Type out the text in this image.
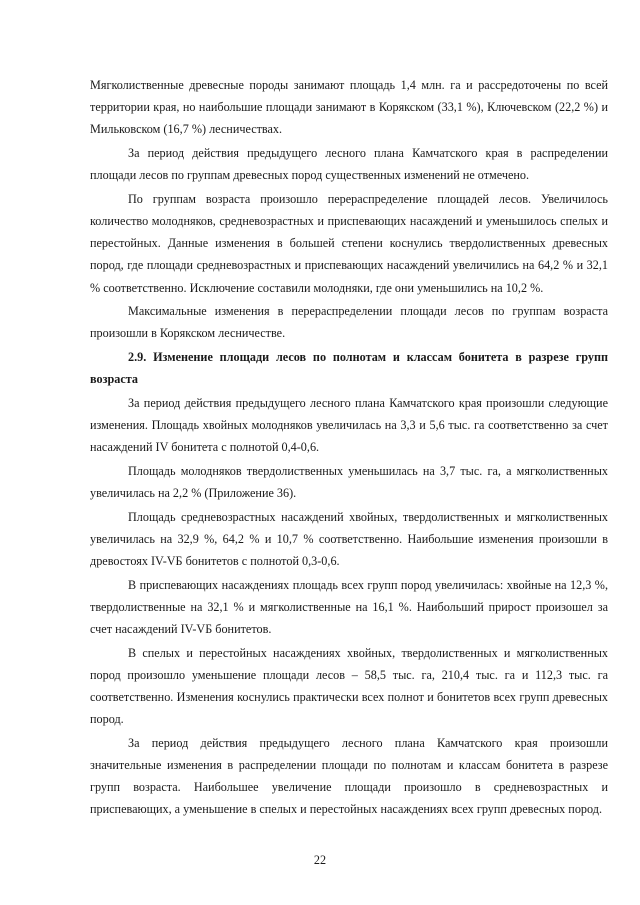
Мягколиственные древесные породы занимают площадь 1,4 млн. га и рассредоточены по всей территории края, но наибольшие площади занимают в Корякском (33,1 %), Ключевском (22,2 %) и Мильковском (16,7 %) лесничествах.

За период действия предыдущего лесного плана Камчатского края в распределении площади лесов по группам древесных пород существенных изменений не отмечено.

По группам возраста произошло перераспределение площадей лесов. Увеличилось количество молодняков, средневозрастных и приспевающих насаждений и уменьшилось спелых и перестойных. Данные изменения в большей степени коснулись твердолиственных древесных пород, где площади средневозрастных и приспевающих насаждений увеличились на 64,2 % и 32,1 % соответственно. Исключение составили молодняки, где они уменьшились на 10,2 %.

Максимальные изменения в перераспределении площади лесов по группам возраста произошли в Корякском лесничестве.

2.9. Изменение площади лесов по полнотам и классам бонитета в разрезе групп возраста

За период действия предыдущего лесного плана Камчатского края произошли следующие изменения. Площадь хвойных молодняков увеличилась на 3,3 и 5,6 тыс. га соответственно за счет насаждений IV бонитета с полнотой 0,4-0,6.

Площадь молодняков твердолиственных уменьшилась на 3,7 тыс. га, а мягколиственных увеличилась на 2,2 % (Приложение 36).

Площадь средневозрастных насаждений хвойных, твердолиственных и мягколиственных увеличилась на 32,9 %, 64,2 % и 10,7 % соответственно. Наибольшие изменения произошли в древостоях IV-VБ бонитетов с полнотой 0,3-0,6.

В приспевающих насаждениях площадь всех групп пород увеличилась: хвойные на 12,3 %, твердолиственные на 32,1 % и мягколиственные на 16,1 %. Наибольший прирост произошел за счет насаждений IV-VБ бонитетов.

В спелых и перестойных насаждениях хвойных, твердолиственных и мягколиственных пород произошло уменьшение площади лесов – 58,5 тыс. га, 210,4 тыс. га и 112,3 тыс. га соответственно. Изменения коснулись практически всех полнот и бонитетов всех групп древесных пород.

За период действия предыдущего лесного плана Камчатского края произошли значительные изменения в распределении площади по полнотам и классам бонитета в разрезе групп возраста. Наибольшее увеличение площади произошло в средневозрастных и приспевающих, а уменьшение в спелых и перестойных насаждениях всех групп древесных пород.

22
